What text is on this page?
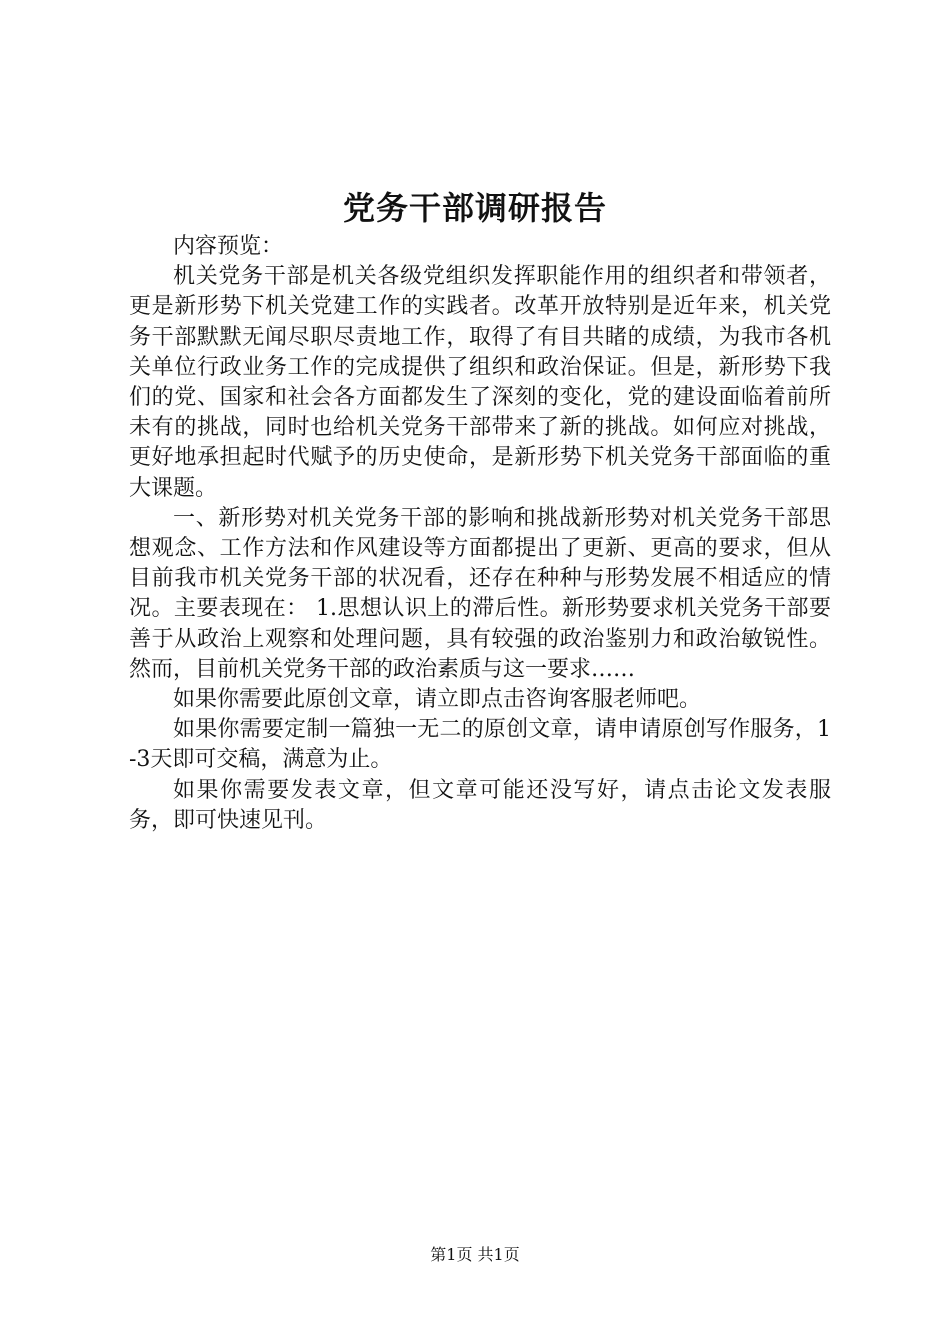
党务干部调研报告

内容预览：

机关党务干部是机关各级党组织发挥职能作用的组织者和带领者，更是新形势下机关党建工作的实践者。改革开放特别是近年来，机关党务干部默默无闻尽职尽责地工作，取得了有目共睹的成绩，为我市各机关单位行政业务工作的完成提供了组织和政治保证。但是，新形势下我们的党、国家和社会各方面都发生了深刻的变化，党的建设面临着前所未有的挑战，同时也给机关党务干部带来了新的挑战。如何应对挑战，更好地承担起时代赋予的历史使命，是新形势下机关党务干部面临的重大课题。

一、新形势对机关党务干部的影响和挑战新形势对机关党务干部思想观念、工作方法和作风建设等方面都提出了更新、更高的要求，但从目前我市机关党务干部的状况看，还存在种种与形势发展不相适应的情况。主要表现在： 1.思想认识上的滞后性。新形势要求机关党务干部要善于从政治上观察和处理问题，具有较强的政治鉴别力和政治敏锐性。然而，目前机关党务干部的政治素质与这一要求……

如果你需要此原创文章，请立即点击咨询客服老师吧。

如果你需要定制一篇独一无二的原创文章，请申请原创写作服务，1-3天即可交稿，满意为止。

如果你需要发表文章，但文章可能还没写好，请点击论文发表服务，即可快速见刊。

第1页 共1页
